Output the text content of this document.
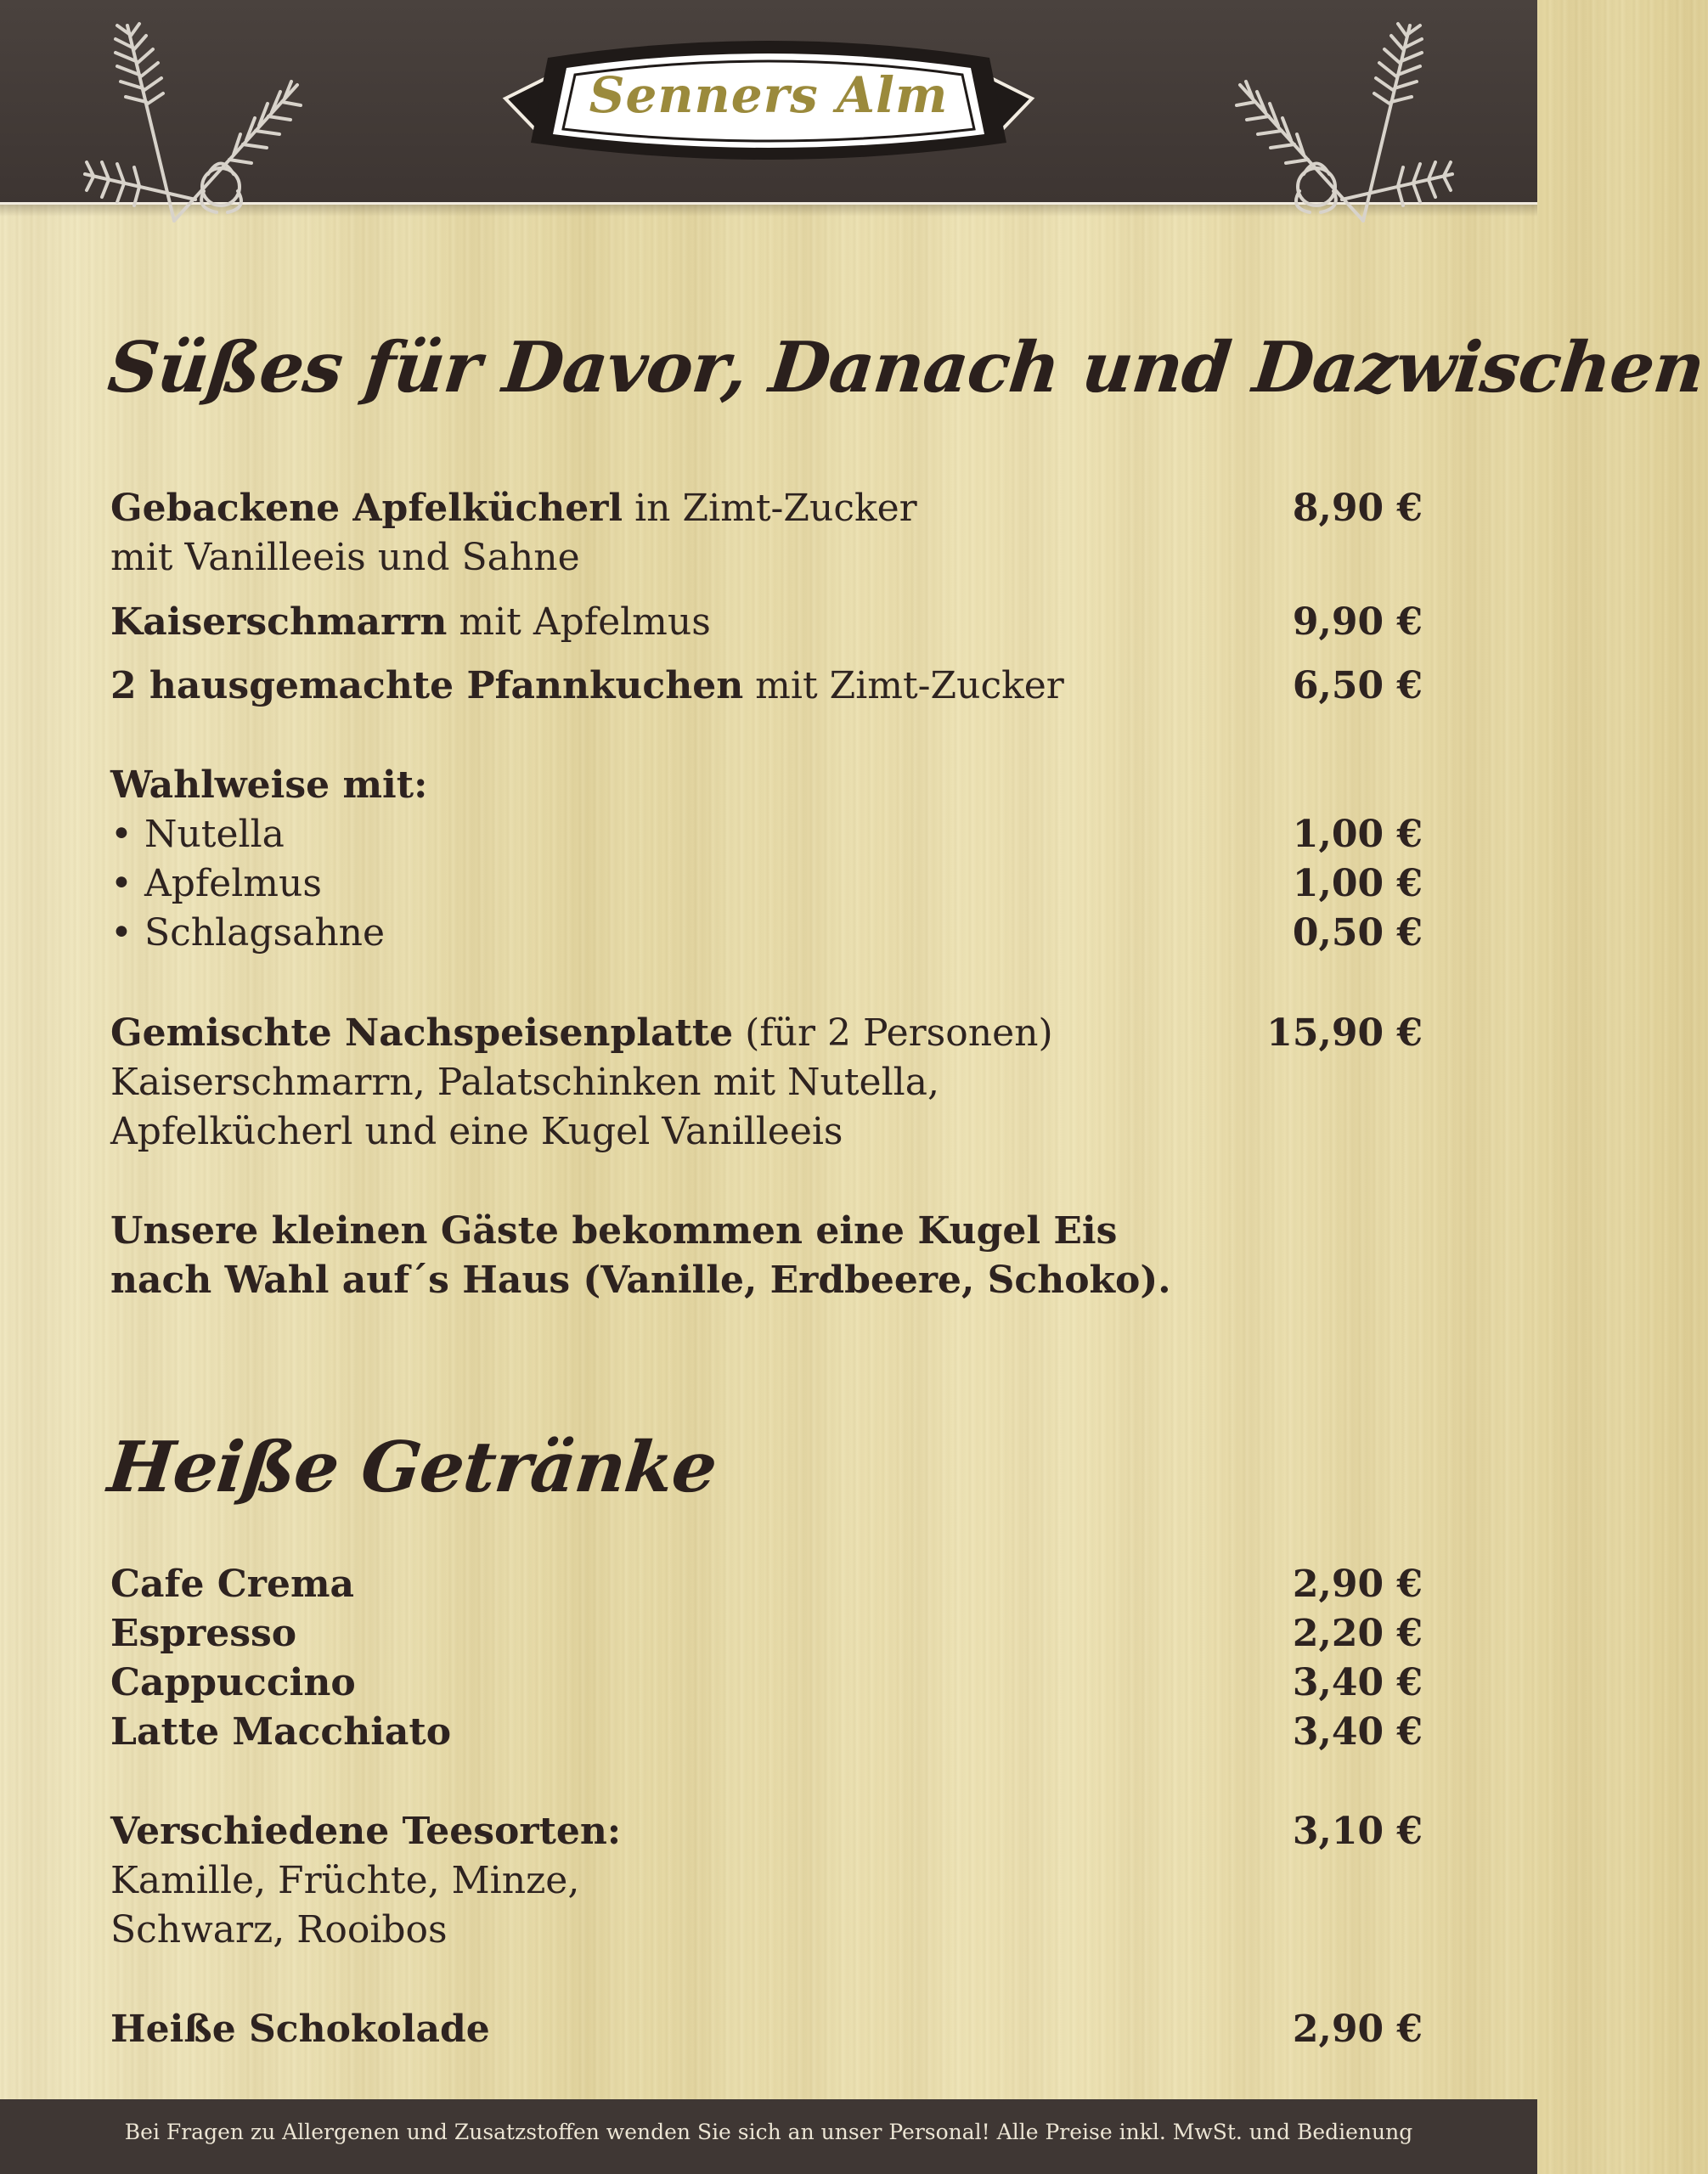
Senners Alm
Süßes für Davor, Danach und Dazwischen
Gebackene Apfelkücherl in Zimt-Zucker	8,90 €
mit Vanilleeis und Sahne
Kaiserschmarrn mit Apfelmus	9,90 €
2 hausgemachte Pfannkuchen mit Zimt-Zucker	6,50 €
Wahlweise mit:
• Nutella	1,00 €
• Apfelmus	1,00 €
• Schlagsahne	0,50 €
Gemischte Nachspeisenplatte (für 2 Personen)	15,90 €
Kaiserschmarrn, Palatschinken mit Nutella,
Apfelkücherl und eine Kugel Vanilleeis
Unsere kleinen Gäste bekommen eine Kugel Eis
nach Wahl auf´s Haus (Vanille, Erdbeere, Schoko).
Heiße Getränke
Cafe Crema	2,90 €
Espresso	2,20 €
Cappuccino	3,40 €
Latte Macchiato	3,40 €
Verschiedene Teesorten:	3,10 €
Kamille, Früchte, Minze,
Schwarz, Rooibos
Heiße Schokolade	2,90 €
Bei Fragen zu Allergenen und Zusatzstoffen wenden Sie sich an unser Personal! Alle Preise inkl. MwSt. und Bedienung
